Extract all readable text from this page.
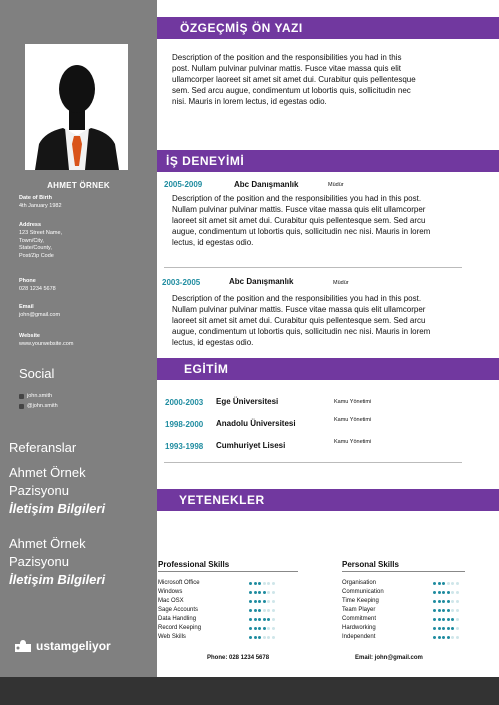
AHMET ÖRNEK
Date of Birth
4th January 1982
Address
123 Street Name,
Town/City,
State/County,
Post/Zip Code
Phone
028 1234 5678
Email
john@gmail.com
Website
www.yourwebsite.com
Social
john.smith
@john.smith
Referanslar
Ahmet Örnek
Pazisyonu
İletişim Bilgileri
Ahmet Örnek
Pazisyonu
İletişim Bilgileri
ustamgeliyor
ÖZGEÇMİŞ ÖN YAZI
Description of the position and the responsibilities you had in this
post. Nullam pulvinar pulvinar mattis. Fusce vitae massa quis elit
ullamcorper laoreet sit amet sit amet dui. Curabitur quis pellentesque
sem. Sed arcu augue, condimentum ut lobortis quis, sollicitudin nec
nisi. Mauris in lorem lectus, id egestas odio.
İŞ DENEYİMİ
2005-2009	Abc Danışmanlık	Müdür
Description of the position and the responsibilities you had in this post.
Nullam pulvinar pulvinar mattis. Fusce vitae massa quis elit ullamcorper
laoreet sit amet sit amet dui. Curabitur quis pellentesque sem. Sed arcu
augue, condimentum ut lobortis quis, sollicitudin nec nisi. Mauris in lorem
lectus, id egestas odio.
2003-2005	Abc Danışmanlık	Müdür
Description of the position and the responsibilities you had in this post.
Nullam pulvinar pulvinar mattis. Fusce vitae massa quis elit ullamcorper
laoreet sit amet sit amet dui. Curabitur quis pellentesque sem. Sed arcu
augue, condimentum ut lobortis quis, sollicitudin nec nisi. Mauris in lorem
lectus, id egestas odio.
EGİTİM
2000-2003 Ege Üniversitesi	Kamu Yönetimi
1998-2000 Anadolu Üniversitesi	Kamu Yönetimi
1993-1998 Cumhuriyet Lisesi	Kamu Yönetimi
YETENEKLER
Professional Skills	Personal Skills
Microsoft Office
Windows
Mac OSX
Sage Accounts
Data Handling
Record Keeping
Web Skills
Organisation
Communication
Time Keeping
Team Player
Commitment
Hardworking
Independent
Phone: 028 1234 5678	Email: john@gmail.com
